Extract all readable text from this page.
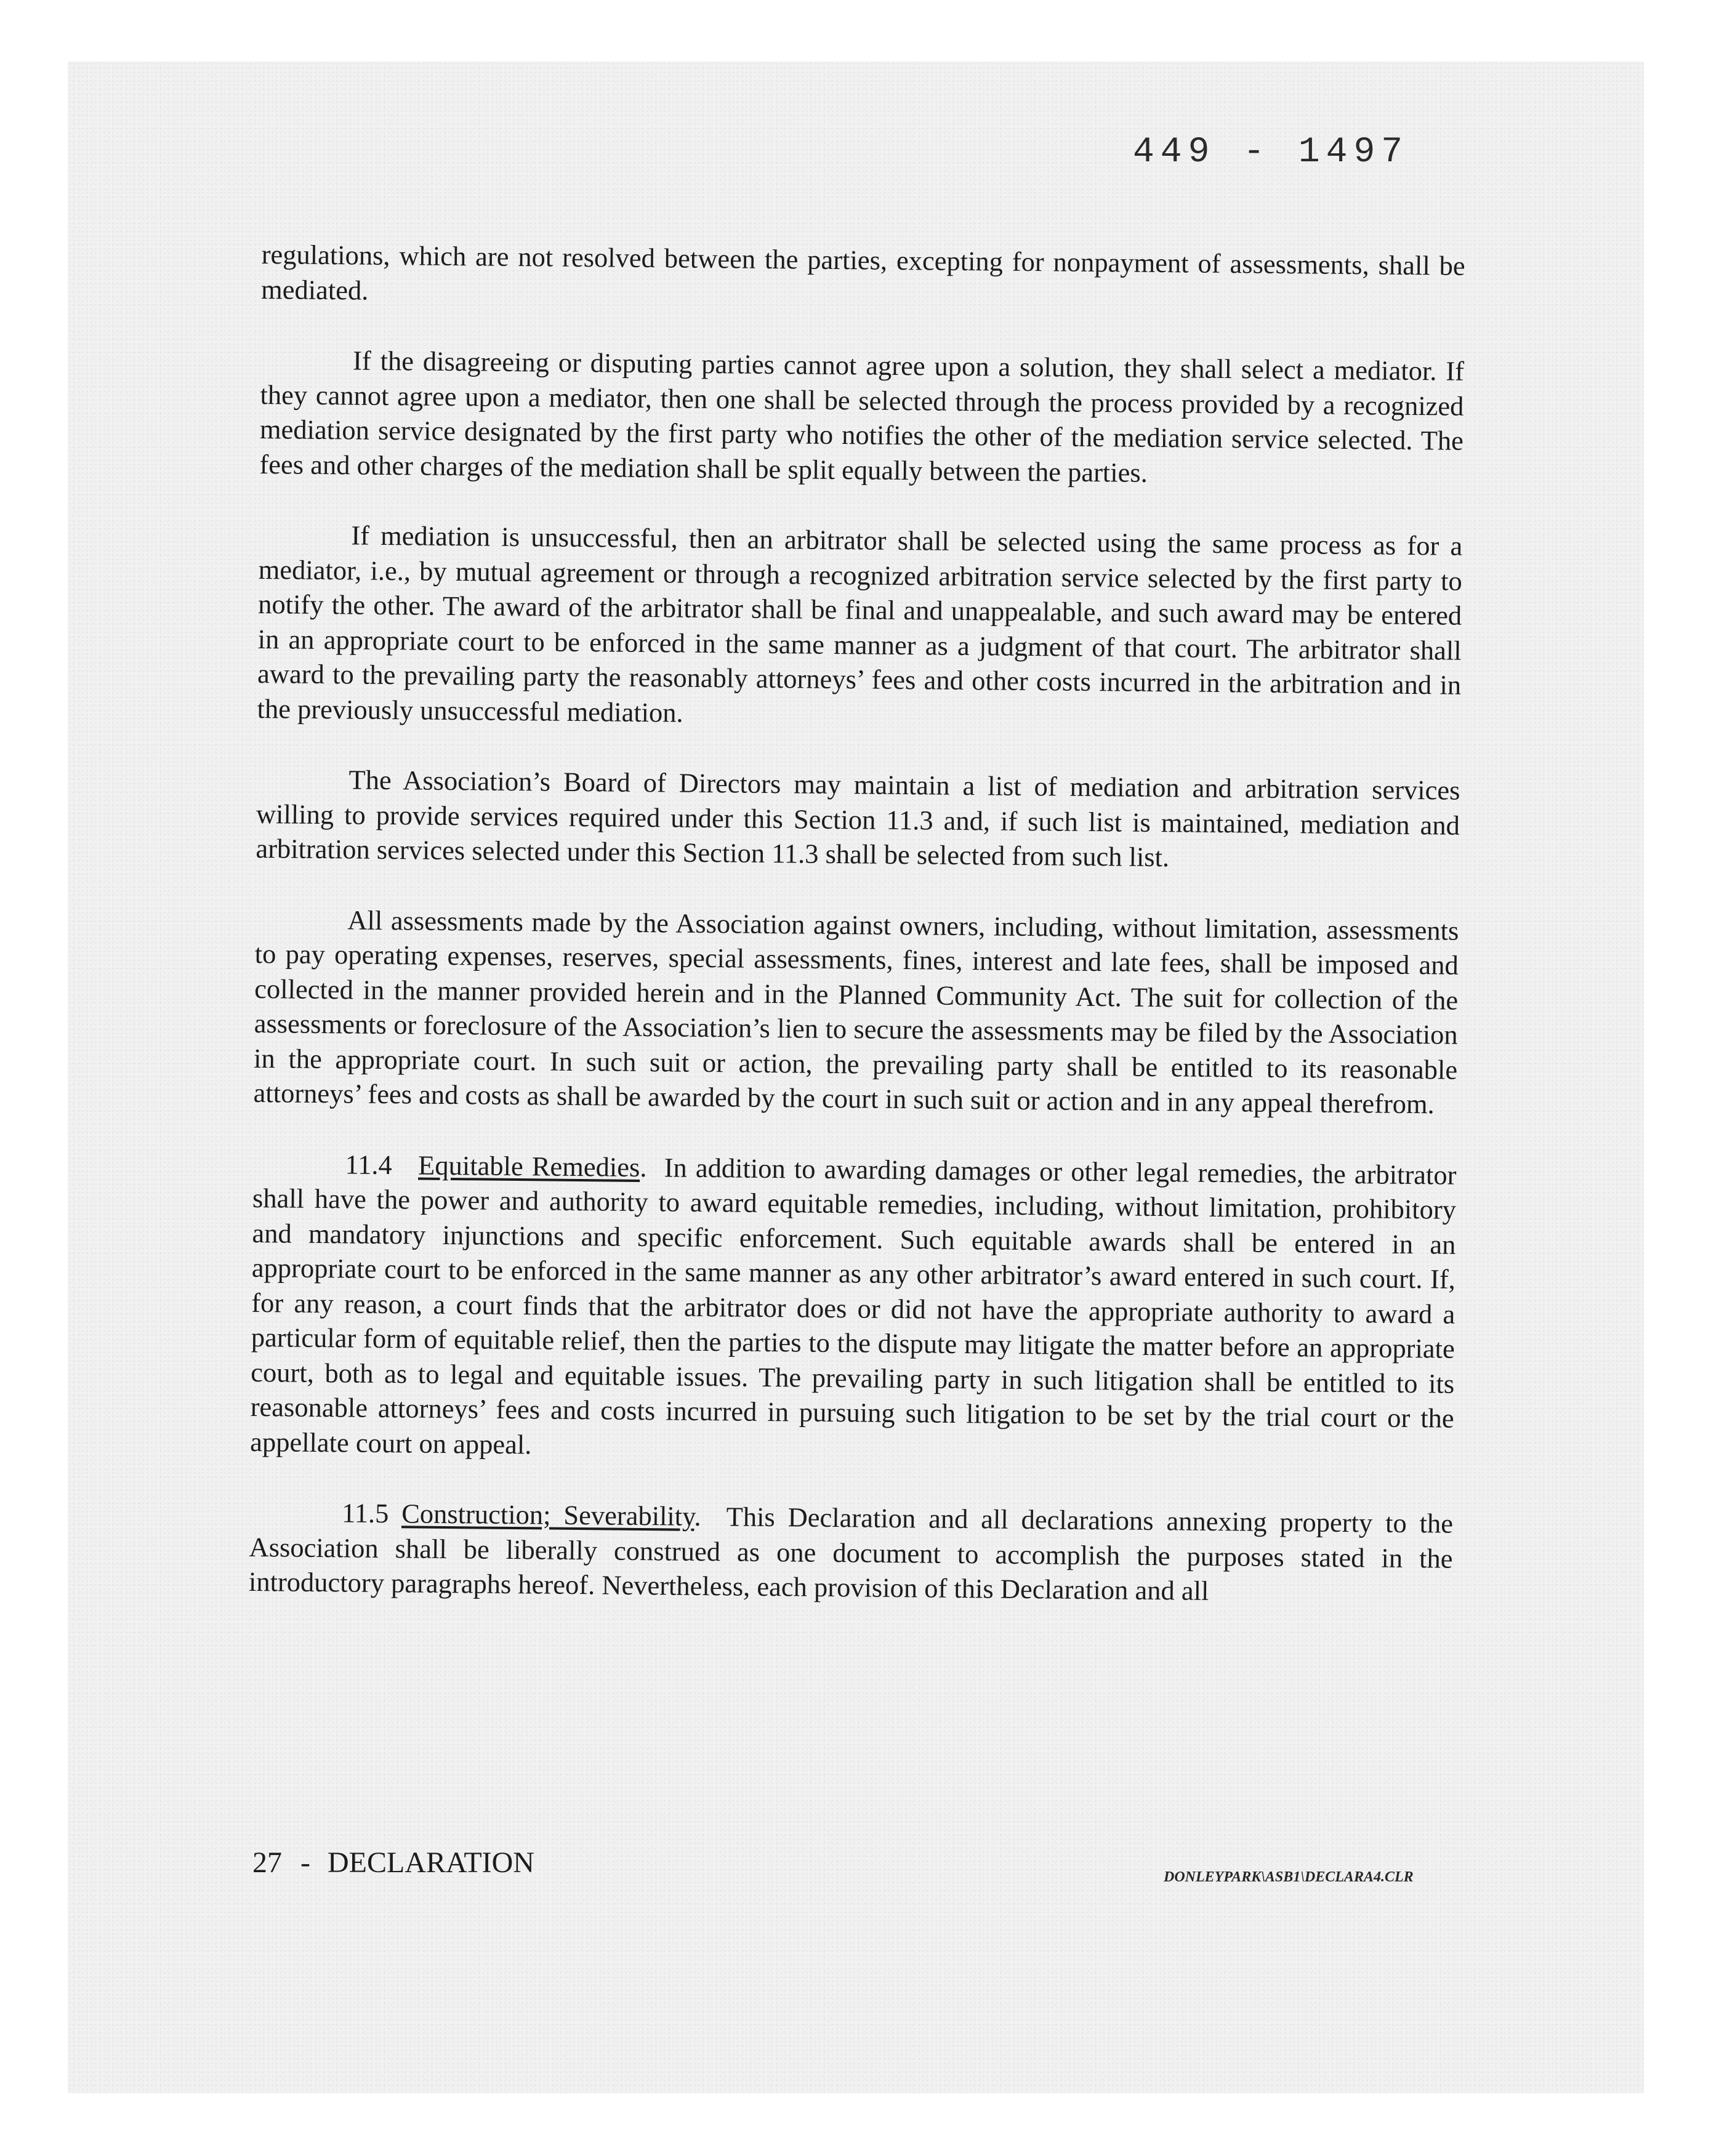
449 - 1497

regulations, which are not resolved between the parties, excepting for nonpayment of assessments, shall be mediated.

If the disagreeing or disputing parties cannot agree upon a solution, they shall select a mediator. If they cannot agree upon a mediator, then one shall be selected through the process provided by a recognized mediation service designated by the first party who notifies the other of the mediation service selected. The fees and other charges of the mediation shall be split equally between the parties.

If mediation is unsuccessful, then an arbitrator shall be selected using the same process as for a mediator, i.e., by mutual agreement or through a recognized arbitration service selected by the first party to notify the other. The award of the arbitrator shall be final and unappealable, and such award may be entered in an appropriate court to be enforced in the same manner as a judgment of that court. The arbitrator shall award to the prevailing party the reasonably attorneys’ fees and other costs incurred in the arbitration and in the previously unsuccessful mediation.

The Association’s Board of Directors may maintain a list of mediation and arbitration services willing to provide services required under this Section 11.3 and, if such list is maintained, mediation and arbitration services selected under this Section 11.3 shall be selected from such list.

All assessments made by the Association against owners, including, without limitation, assessments to pay operating expenses, reserves, special assessments, fines, interest and late fees, shall be imposed and collected in the manner provided herein and in the Planned Community Act. The suit for collection of the assessments or foreclosure of the Association’s lien to secure the assessments may be filed by the Association in the appropriate court. In such suit or action, the prevailing party shall be entitled to its reasonable attorneys’ fees and costs as shall be awarded by the court in such suit or action and in any appeal therefrom.

11.4 Equitable Remedies.  In addition to awarding damages or other legal remedies, the arbitrator shall have the power and authority to award equitable remedies, including, without limitation, prohibitory and mandatory injunctions and specific enforcement. Such equitable awards shall be entered in an appropriate court to be enforced in the same manner as any other arbitrator’s award entered in such court. If, for any reason, a court finds that the arbitrator does or did not have the appropriate authority to award a particular form of equitable relief, then the parties to the dispute may litigate the matter before an appropriate court, both as to legal and equitable issues. The prevailing party in such litigation shall be entitled to its reasonable attorneys’ fees and costs incurred in pursuing such litigation to be set by the trial court or the appellate court on appeal.

11.5 Construction; Severability.  This Declaration and all declarations annexing property to the Association shall be liberally construed as one document to accomplish the purposes stated in the introductory paragraphs hereof. Nevertheless, each provision of this Declaration and all

27 - DECLARATION	DONLEYPARK\ASB1\DECLARA4.CLR
